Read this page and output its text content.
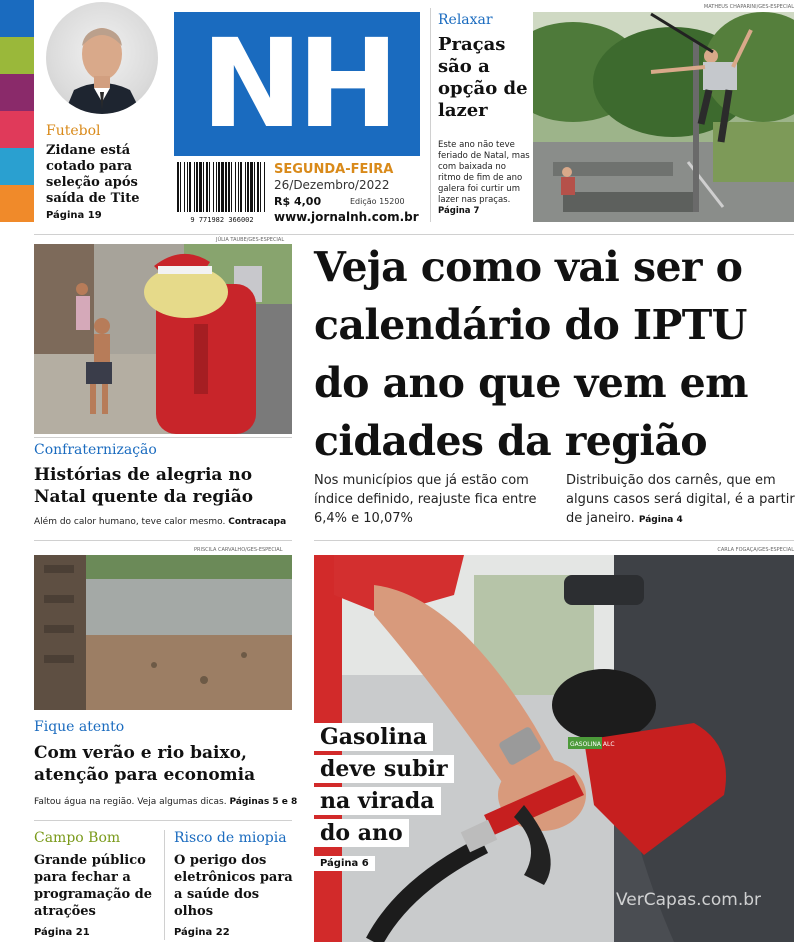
Futebol
Zidane está cotado para seleção após saída de Tite
Página 19
NH
9 771982 366002
SEGUNDA-FEIRA
26/Dezembro/2022
R$ 4,00	Edição 15200
www.jornalnh.com.br
Relaxar
Praças são a opção de lazer
Este ano não teve feriado de Natal, mas com baixada no ritmo de fim de ano galera foi curtir um lazer nas praças. Página 7
MATHEUS CHAPARINI/GES-ESPECIAL
JÚLIA TAUBE/GES-ESPECIAL
Confraternização
Histórias de alegria no Natal quente da região
Além do calor humano, teve calor mesmo. Contracapa
PRISCILA CARVALHO/GES-ESPECIAL
Fique atento
Com verão e rio baixo, atenção para economia
Faltou água na região. Veja algumas dicas. Páginas 5 e 8
Campo Bom
Grande público para fechar a programação de atrações
Página 21
Risco de miopia
O perigo dos eletrônicos para a saúde dos olhos
Página 22
Veja como vai ser o calendário do IPTU do ano que vem em cidades da região
Nos municípios que já estão com índice definido, reajuste fica entre 6,4% e 10,07%
Distribuição dos carnês, que em alguns casos será digital, é a partir de janeiro. Página 4
CARLA FOGAÇA/GES-ESPECIAL
GASOLINA ALC
Gasolina
deve subir
na virada
do ano
Página 6
VerCapas.com.br
